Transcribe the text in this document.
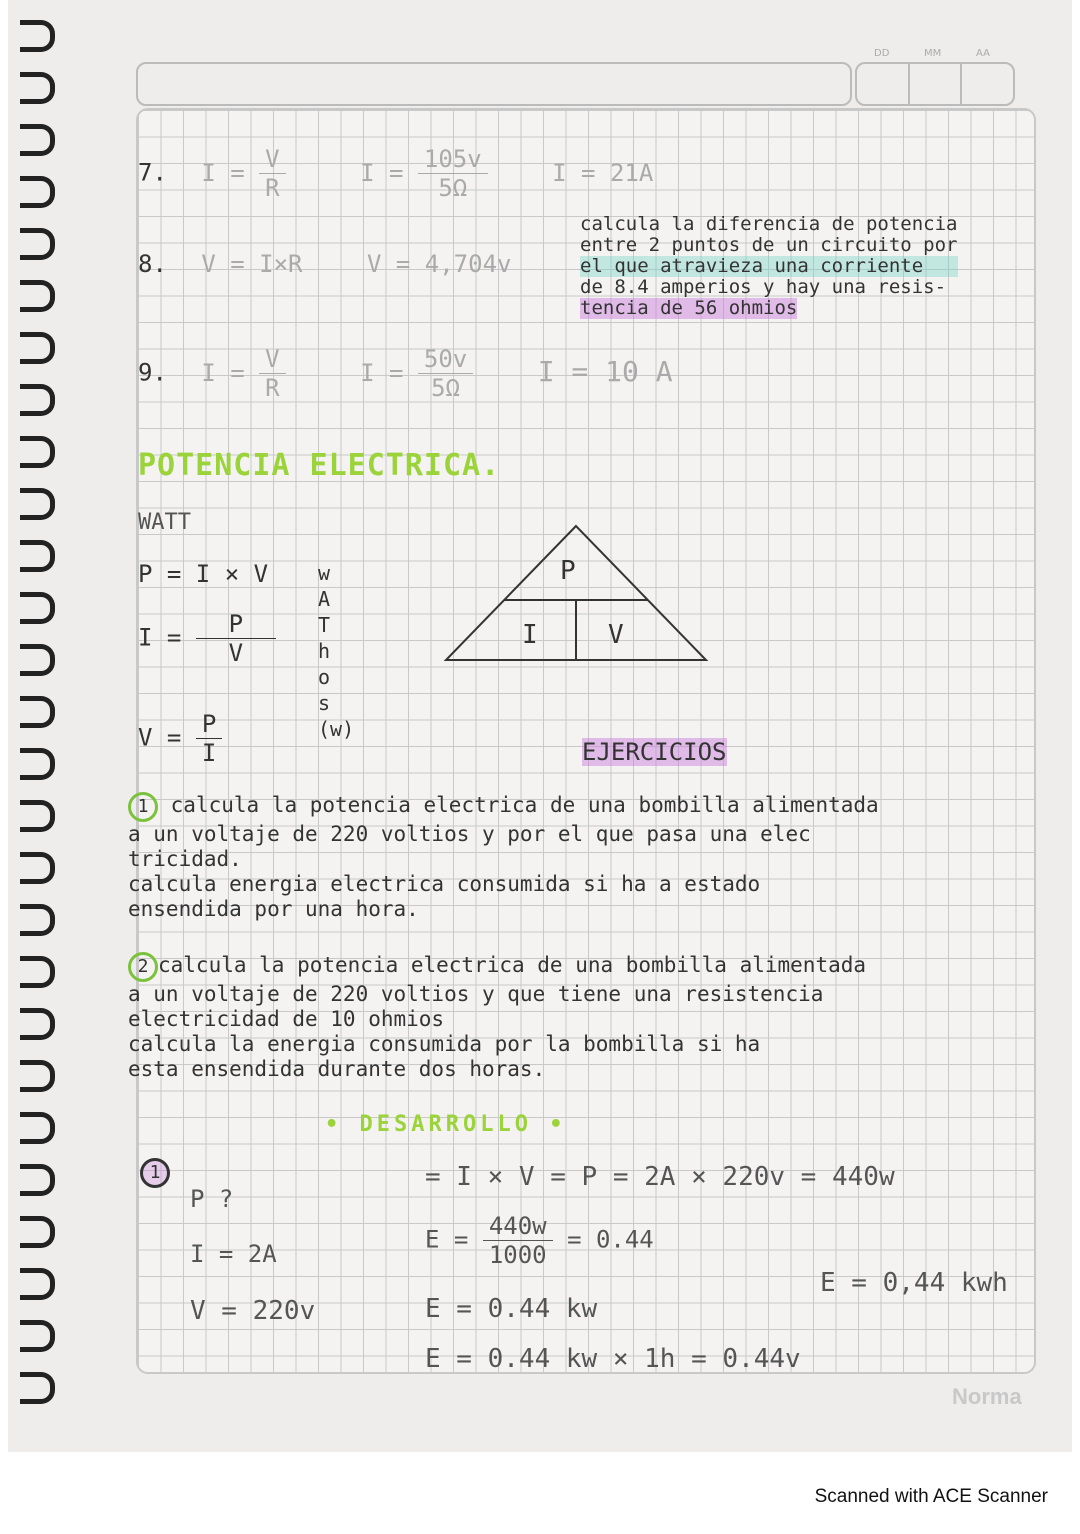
DD	MM	AA
7. $I = \frac{V}{R}$	$I = \frac{105v}{5\Omega}$	I = 21A
8. V = I×R	V = 4,704v
9. $I = \frac{V}{R}$	$I = \frac{50v}{5\Omega}$ I = 10 A
calcula la diferencia de potencia
entre 2 puntos de un circuito por
el que atravieza una corriente
de 8.4 amperios y hay una resis-
tencia de 56 ohmios
POTENCIA ELECTRICA.
WATT
P = I × V
$I = \frac{P}{V}$
$V = \frac{P}{I}$
w
A
T
h
o
s
(w)
P
I	V
EJERCICIOS
1 calcula la potencia electrica de una bombilla alimentada
a un voltaje de 220 voltios y por el que pasa una elec
tricidad.
calcula energia electrica consumida si ha a estado
ensendida por una hora.
2 calcula la potencia electrica de una bombilla alimentada
a un voltaje de 220 voltios y que tiene una resistencia
electricidad de 10 ohmios
calcula la energia consumida por la bombilla si ha
esta ensendida durante dos horas.
• DESARROLLO •
1
P ?
I = 2A
V = 220v
= I × V = P = 2A × 220v = 440w
$E = \frac{440w}{1000} = 0.44$
E = 0.44 kw
E = 0.44 kw × 1h = 0.44v
E = 0,44 kwh
Norma
Scanned with ACE Scanner
